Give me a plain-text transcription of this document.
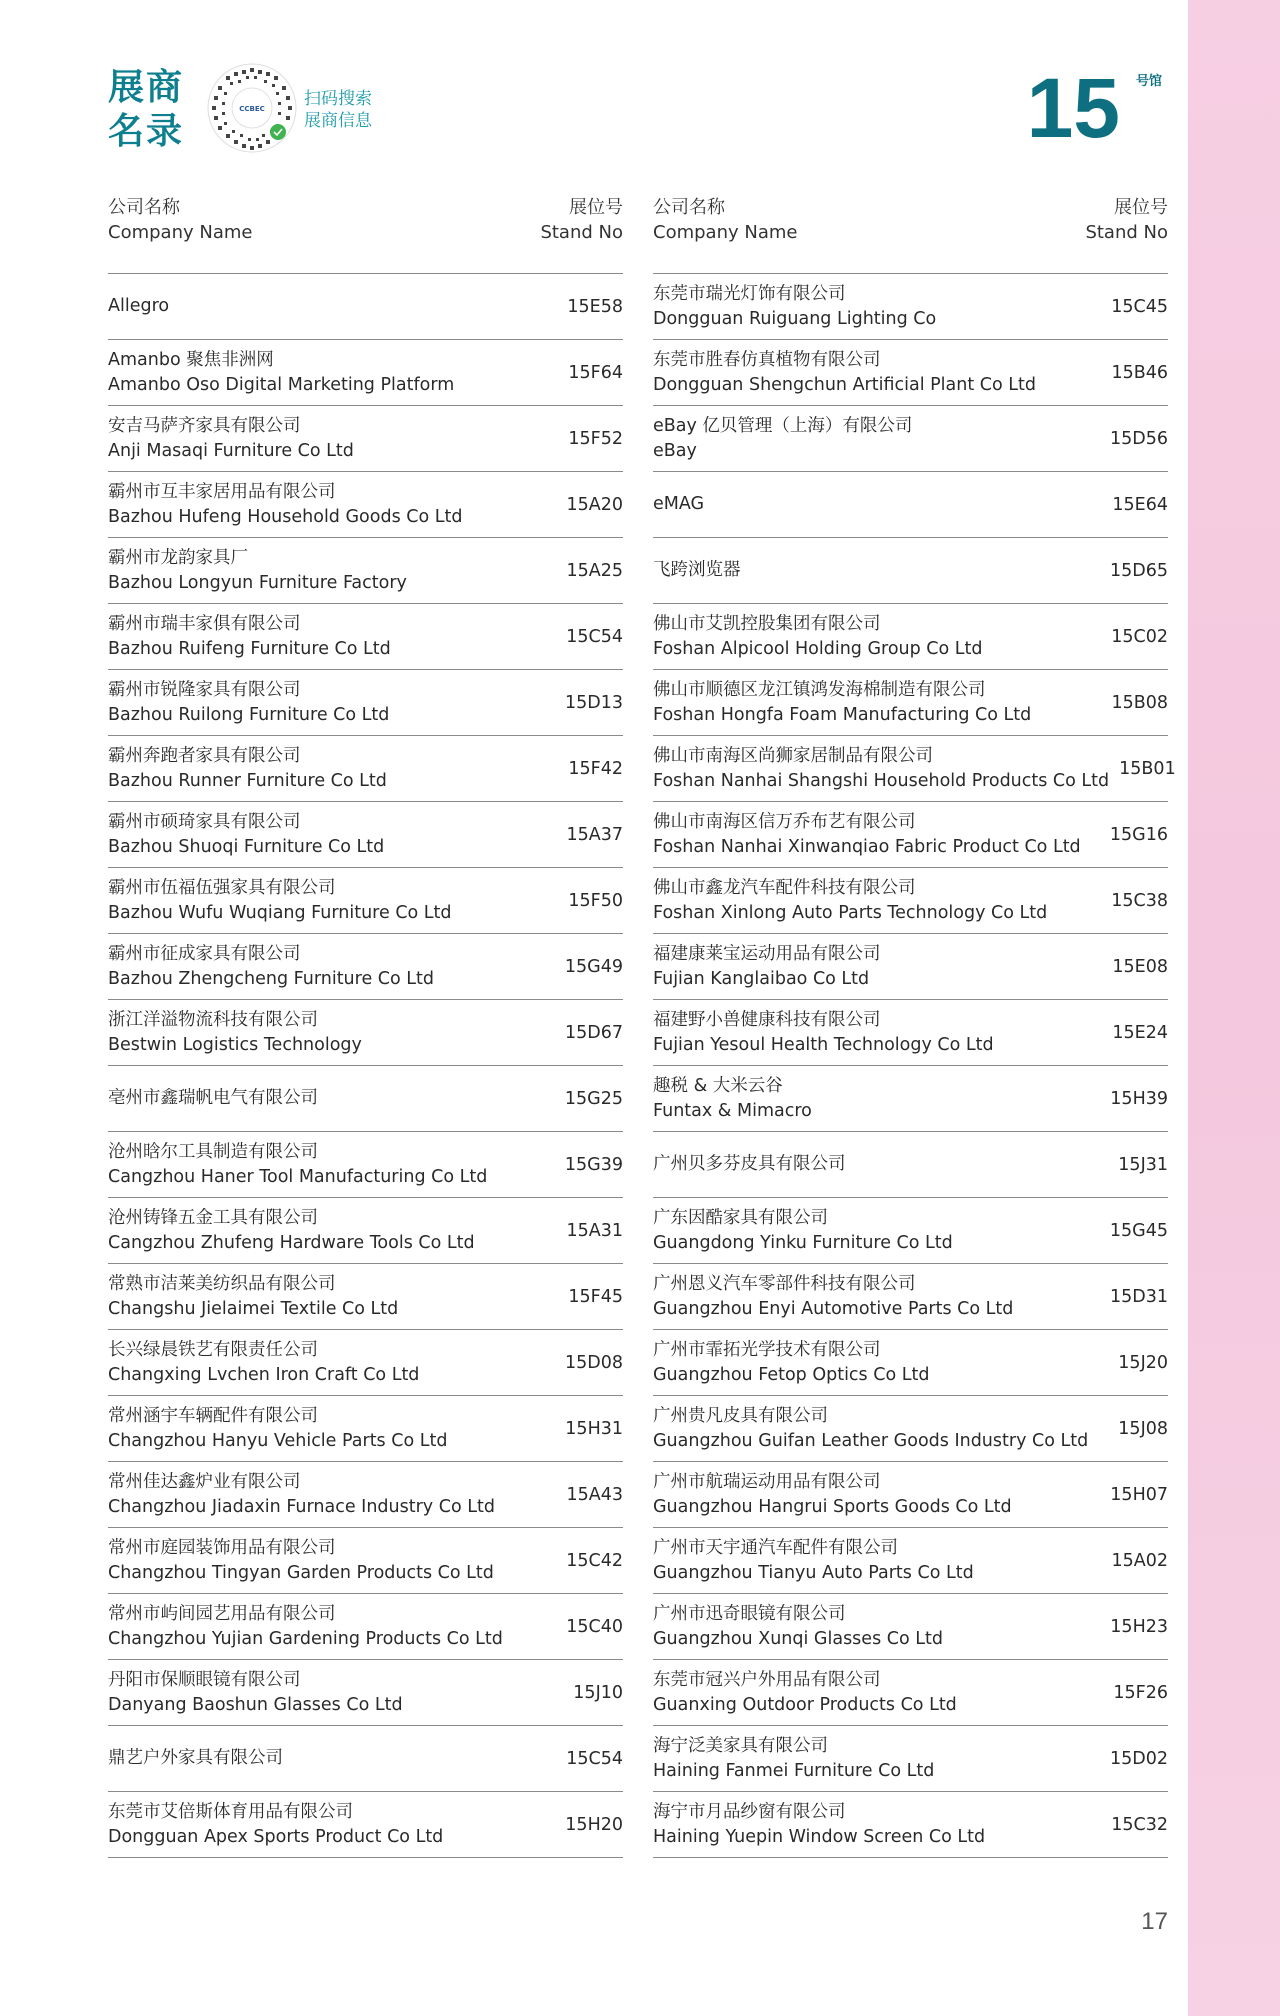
展商
名录
CCBEC 扫码搜索
展商信息	15 号馆
公司名称
Company Name
展位号
Stand No
Allegro	15E58
Amanbo 聚焦非洲网
Amanbo Oso Digital Marketing Platform
15F64
安吉马萨齐家具有限公司
Anji Masaqi Furniture Co Ltd
15F52
霸州市互丰家居用品有限公司
Bazhou Hufeng Household Goods Co Ltd
15A20
霸州市龙韵家具厂
Bazhou Longyun Furniture Factory
15A25
霸州市瑞丰家俱有限公司
Bazhou Ruifeng Furniture Co Ltd
15C54
霸州市锐隆家具有限公司
Bazhou Ruilong Furniture Co Ltd
15D13
霸州奔跑者家具有限公司
Bazhou Runner Furniture Co Ltd
15F42
霸州市硕琦家具有限公司
Bazhou Shuoqi Furniture Co Ltd
15A37
霸州市伍福伍强家具有限公司
Bazhou Wufu Wuqiang Furniture Co Ltd
15F50
霸州市征成家具有限公司
Bazhou Zhengcheng Furniture Co Ltd
15G49
浙江洋溢物流科技有限公司
Bestwin Logistics Technology
15D67
亳州市鑫瑞帆电气有限公司	15G25
沧州晗尔工具制造有限公司
Cangzhou Haner Tool Manufacturing Co Ltd
15G39
沧州铸锋五金工具有限公司
Cangzhou Zhufeng Hardware Tools Co Ltd
15A31
常熟市洁莱美纺织品有限公司
Changshu Jielaimei Textile Co Ltd
15F45
长兴绿晨铁艺有限责任公司
Changxing Lvchen Iron Craft Co Ltd
15D08
常州涵宇车辆配件有限公司
Changzhou Hanyu Vehicle Parts Co Ltd
15H31
常州佳达鑫炉业有限公司
Changzhou Jiadaxin Furnace Industry Co Ltd
15A43
常州市庭园装饰用品有限公司
Changzhou Tingyan Garden Products Co Ltd
15C42
常州市屿间园艺用品有限公司
Changzhou Yujian Gardening Products Co Ltd
15C40
丹阳市保顺眼镜有限公司
Danyang Baoshun Glasses Co Ltd
15J10
鼎艺户外家具有限公司	15C54
东莞市艾倍斯体育用品有限公司
Dongguan Apex Sports Product Co Ltd
15H20
公司名称
Company Name
展位号
Stand No
东莞市瑞光灯饰有限公司
Dongguan Ruiguang Lighting Co
15C45
东莞市胜春仿真植物有限公司
Dongguan Shengchun Artificial Plant Co Ltd
15B46
eBay 亿贝管理（上海）有限公司
eBay
15D56
eMAG	15E64
飞跨浏览器	15D65
佛山市艾凯控股集团有限公司
Foshan Alpicool Holding Group Co Ltd
15C02
佛山市顺德区龙江镇鸿发海棉制造有限公司
Foshan Hongfa Foam Manufacturing Co Ltd
15B08
佛山市南海区尚狮家居制品有限公司
Foshan Nanhai Shangshi Household Products Co Ltd
15B01
佛山市南海区信万乔布艺有限公司
Foshan Nanhai Xinwanqiao Fabric Product Co Ltd
15G16
佛山市鑫龙汽车配件科技有限公司
Foshan Xinlong Auto Parts Technology Co Ltd
15C38
福建康莱宝运动用品有限公司
Fujian Kanglaibao Co Ltd
15E08
福建野小兽健康科技有限公司
Fujian Yesoul Health Technology Co Ltd
15E24
趣税 & 大米云谷
Funtax & Mimacro
15H39
广州贝多芬皮具有限公司	15J31
广东因酷家具有限公司
Guangdong Yinku Furniture Co Ltd
15G45
广州恩义汽车零部件科技有限公司
Guangzhou Enyi Automotive Parts Co Ltd
15D31
广州市霏拓光学技术有限公司
Guangzhou Fetop Optics Co Ltd
15J20
广州贵凡皮具有限公司
Guangzhou Guifan Leather Goods Industry Co Ltd
15J08
广州市航瑞运动用品有限公司
Guangzhou Hangrui Sports Goods Co Ltd
15H07
广州市天宇通汽车配件有限公司
Guangzhou Tianyu Auto Parts Co Ltd
15A02
广州市迅奇眼镜有限公司
Guangzhou Xunqi Glasses Co Ltd
15H23
东莞市冠兴户外用品有限公司
Guanxing Outdoor Products Co Ltd
15F26
海宁泛美家具有限公司
Haining Fanmei Furniture Co Ltd
15D02
海宁市月品纱窗有限公司
Haining Yuepin Window Screen Co Ltd
15C32
17
